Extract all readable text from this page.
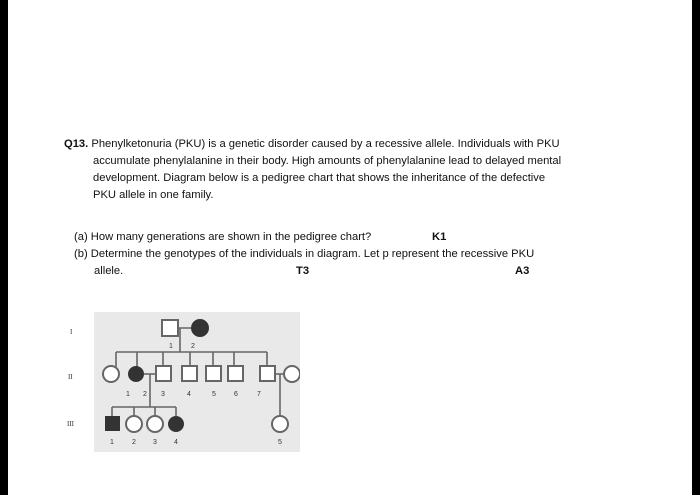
Q13. Phenylketonuria (PKU) is a genetic disorder caused by a recessive allele. Individuals with PKU
accumulate phenylalanine in their body. High amounts of phenylalanine lead to delayed mental
development. Diagram below is a pedigree chart that shows the inheritance of the defective
PKU allele in one family.
(a) How many generations are shown in the pedigree chart?	K1
(b) Determine the genotypes of the individuals in diagram. Let p represent the recessive PKU
allele.	T3	A3
I
II
III
1	2
1 2 3	4	5	6	7
1	2 3 4	5
